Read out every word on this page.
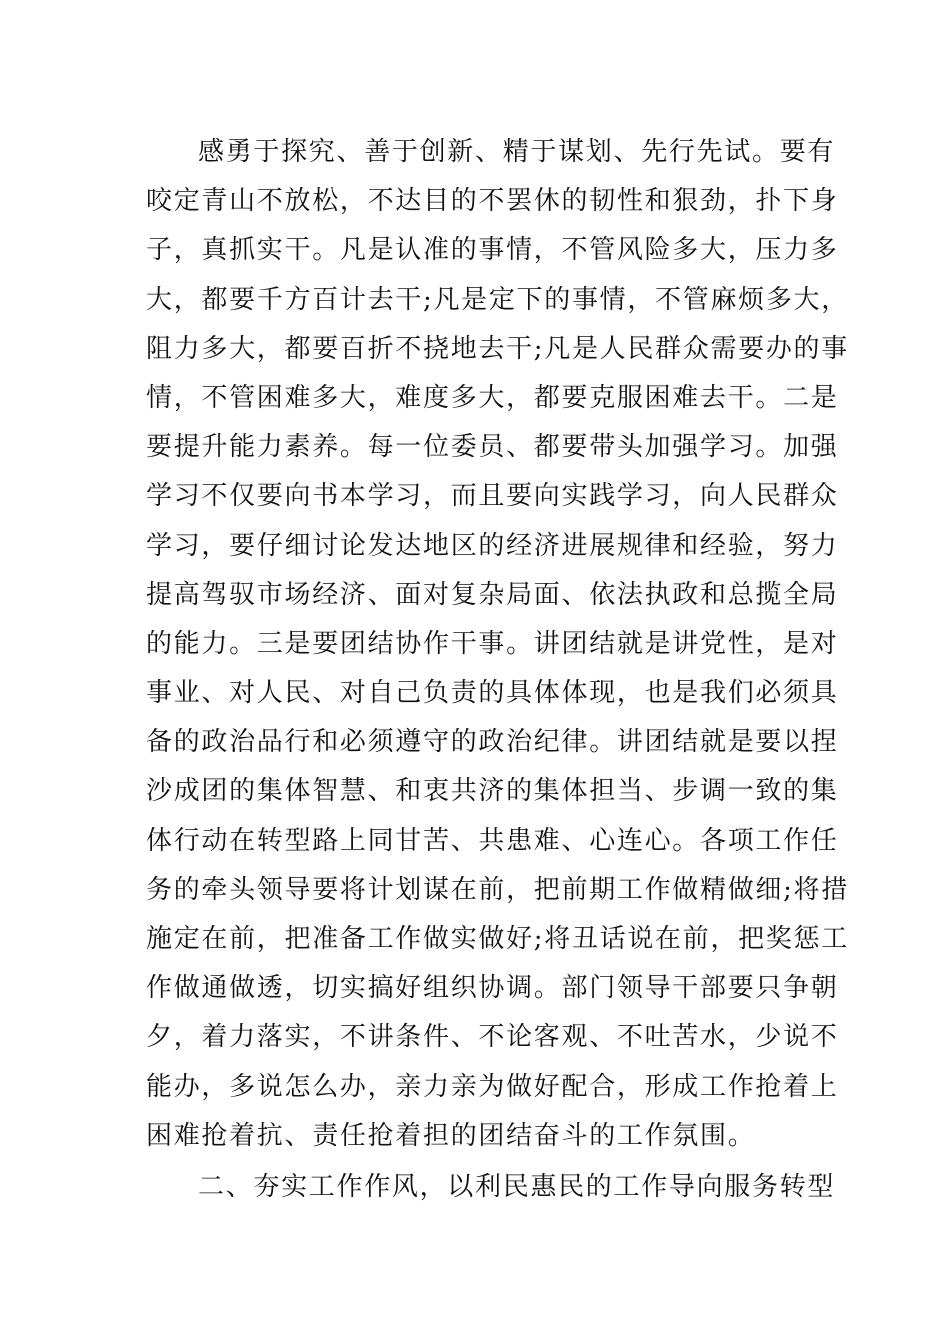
感勇于探究、善于创新、精于谋划、先行先试。要有
咬定青山不放松，不达目的不罢休的韧性和狠劲，扑下身
子，真抓实干。凡是认准的事情，不管风险多大，压力多
大，都要千方百计去干;凡是定下的事情，不管麻烦多大，
阻力多大，都要百折不挠地去干;凡是人民群众需要办的事
情，不管困难多大，难度多大，都要克服困难去干。二是
要提升能力素养。每一位委员、都要带头加强学习。加强
学习不仅要向书本学习，而且要向实践学习，向人民群众
学习，要仔细讨论发达地区的经济进展规律和经验，努力
提高驾驭市场经济、面对复杂局面、依法执政和总揽全局
的能力。三是要团结协作干事。讲团结就是讲党性，是对
事业、对人民、对自己负责的具体体现，也是我们必须具
备的政治品行和必须遵守的政治纪律。讲团结就是要以捏
沙成团的集体智慧、和衷共济的集体担当、步调一致的集
体行动在转型路上同甘苦、共患难、心连心。各项工作任
务的牵头领导要将计划谋在前，把前期工作做精做细;将措
施定在前，把准备工作做实做好;将丑话说在前，把奖惩工
作做通做透，切实搞好组织协调。部门领导干部要只争朝
夕，着力落实，不讲条件、不论客观、不吐苦水，少说不
能办，多说怎么办，亲力亲为做好配合，形成工作抢着上
困难抢着抗、责任抢着担的团结奋斗的工作氛围。
二、夯实工作作风，以利民惠民的工作导向服务转型
